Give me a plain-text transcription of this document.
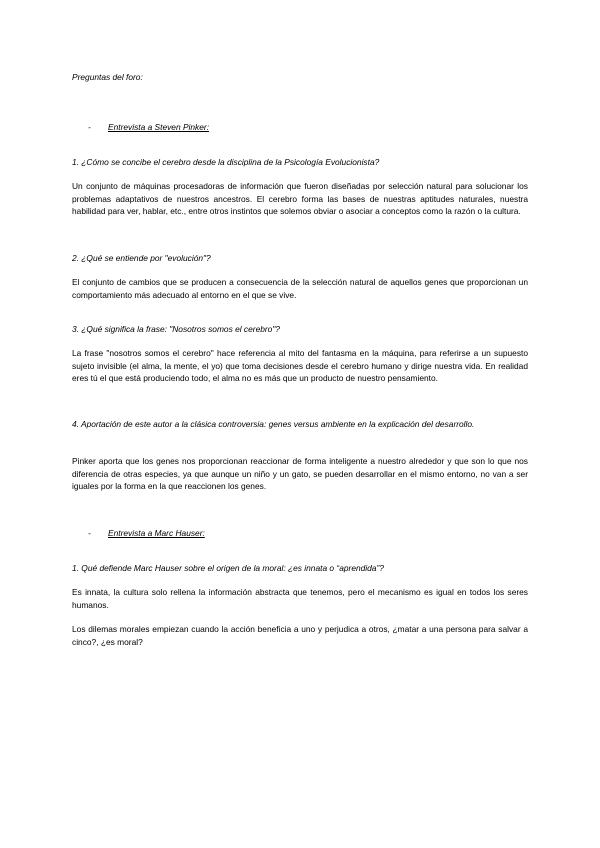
Preguntas del foro:
- Entrevista a Steven Pinker:
1. ¿Cómo se concibe el cerebro desde la disciplina de la Psicología Evolucionista?
Un conjunto de máquinas procesadoras de información que fueron diseñadas por selección natural para solucionar los problemas adaptativos de nuestros ancestros. El cerebro forma las bases de nuestras aptitudes naturales, nuestra habilidad para ver, hablar, etc., entre otros instintos que solemos obviar o asociar a conceptos como la razón o la cultura.
2. ¿Qué se entiende por "evolución"?
El conjunto de cambios que se producen a consecuencia de la selección natural de aquellos genes que proporcionan un comportamiento más adecuado al entorno en el que se vive.
3. ¿Qué significa la frase: "Nosotros somos el cerebro"?
La frase "nosotros somos el cerebro" hace referencia al mito del fantasma en la máquina, para referirse a un supuesto sujeto invisible (el alma, la mente, el yo) que toma decisiones desde el cerebro humano y dirige nuestra vida. En realidad eres tú el que está produciendo todo, el alma no es más que un producto de nuestro pensamiento.
4. Aportación de este autor a la clásica controversia: genes versus ambiente en la explicación del desarrollo.
Pinker aporta que los genes nos proporcionan reaccionar de forma inteligente a nuestro alrededor y que son lo que nos diferencia de otras especies, ya que aunque un niño y un gato, se pueden desarrollar en el mismo entorno, no van a ser iguales por la forma en la que reaccionen los genes.
- Entrevista a Marc Hauser:
1. Qué defiende Marc Hauser sobre el origen de la moral: ¿es innata o “aprendida”?
Es innata, la cultura solo rellena la información abstracta que tenemos, pero el mecanismo es igual en todos los seres humanos.
Los dilemas morales empiezan cuando la acción beneficia a uno y perjudica a otros, ¿matar a una persona para salvar a cinco?, ¿es moral?
